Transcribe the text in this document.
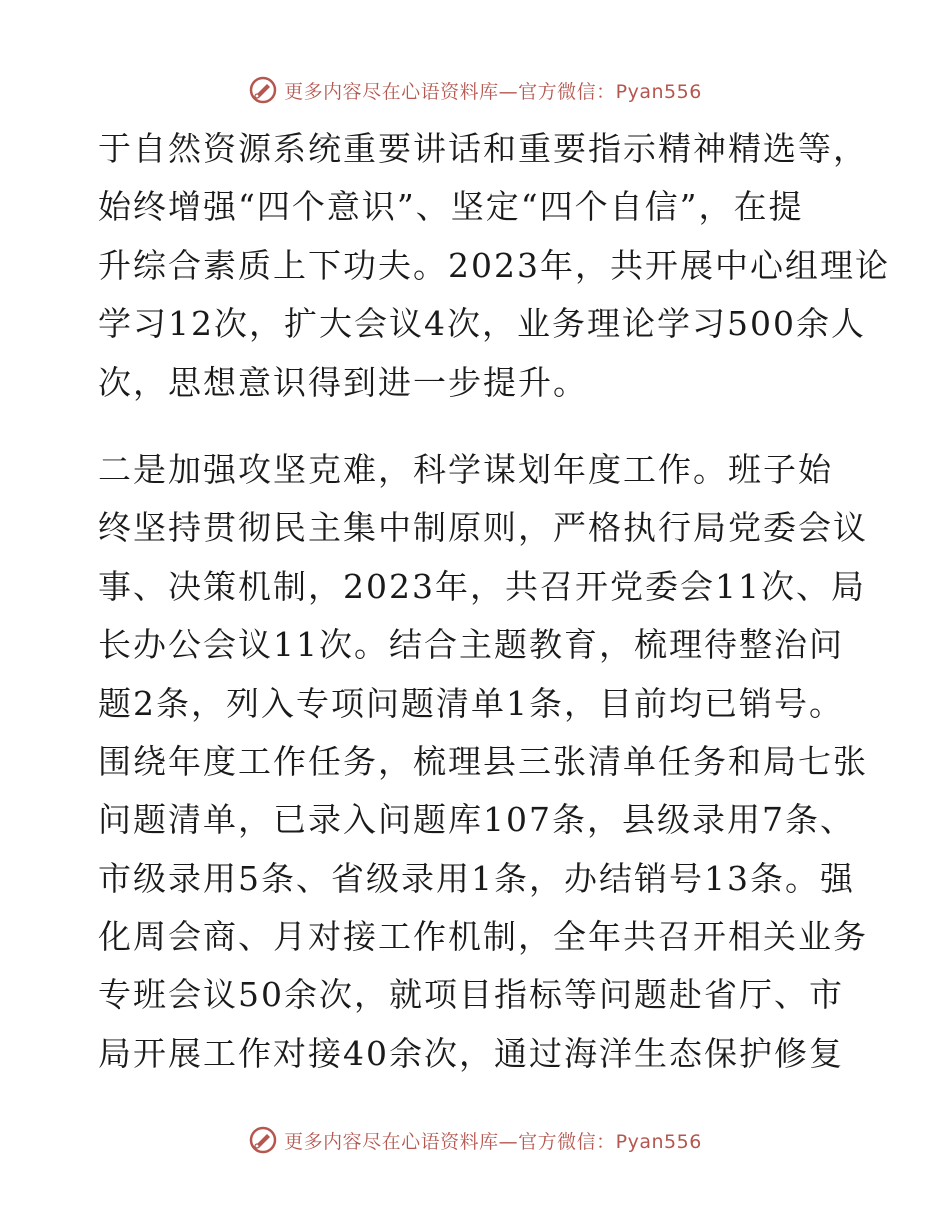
更多内容尽在心语资料库—官方微信：Pyan556
于自然资源系统重要讲话和重要指示精神精选等，
始终增强“四个意识”、坚定“四个自信”，在提
升综合素质上下功夫。2023年，共开展中心组理论
学习12次，扩大会议4次，业务理论学习500余人
次，思想意识得到进一步提升。
二是加强攻坚克难，科学谋划年度工作。班子始
终坚持贯彻民主集中制原则，严格执行局党委会议
事、决策机制，2023年，共召开党委会11次、局
长办公会议11次。结合主题教育，梳理待整治问
题2条，列入专项问题清单1条，目前均已销号。
围绕年度工作任务，梳理县三张清单任务和局七张
问题清单，已录入问题库107条，县级录用7条、
市级录用5条、省级录用1条，办结销号13条。强
化周会商、月对接工作机制，全年共召开相关业务
专班会议50余次，就项目指标等问题赴省厅、市
局开展工作对接40余次，通过海洋生态保护修复
更多内容尽在心语资料库—官方微信：Pyan556
